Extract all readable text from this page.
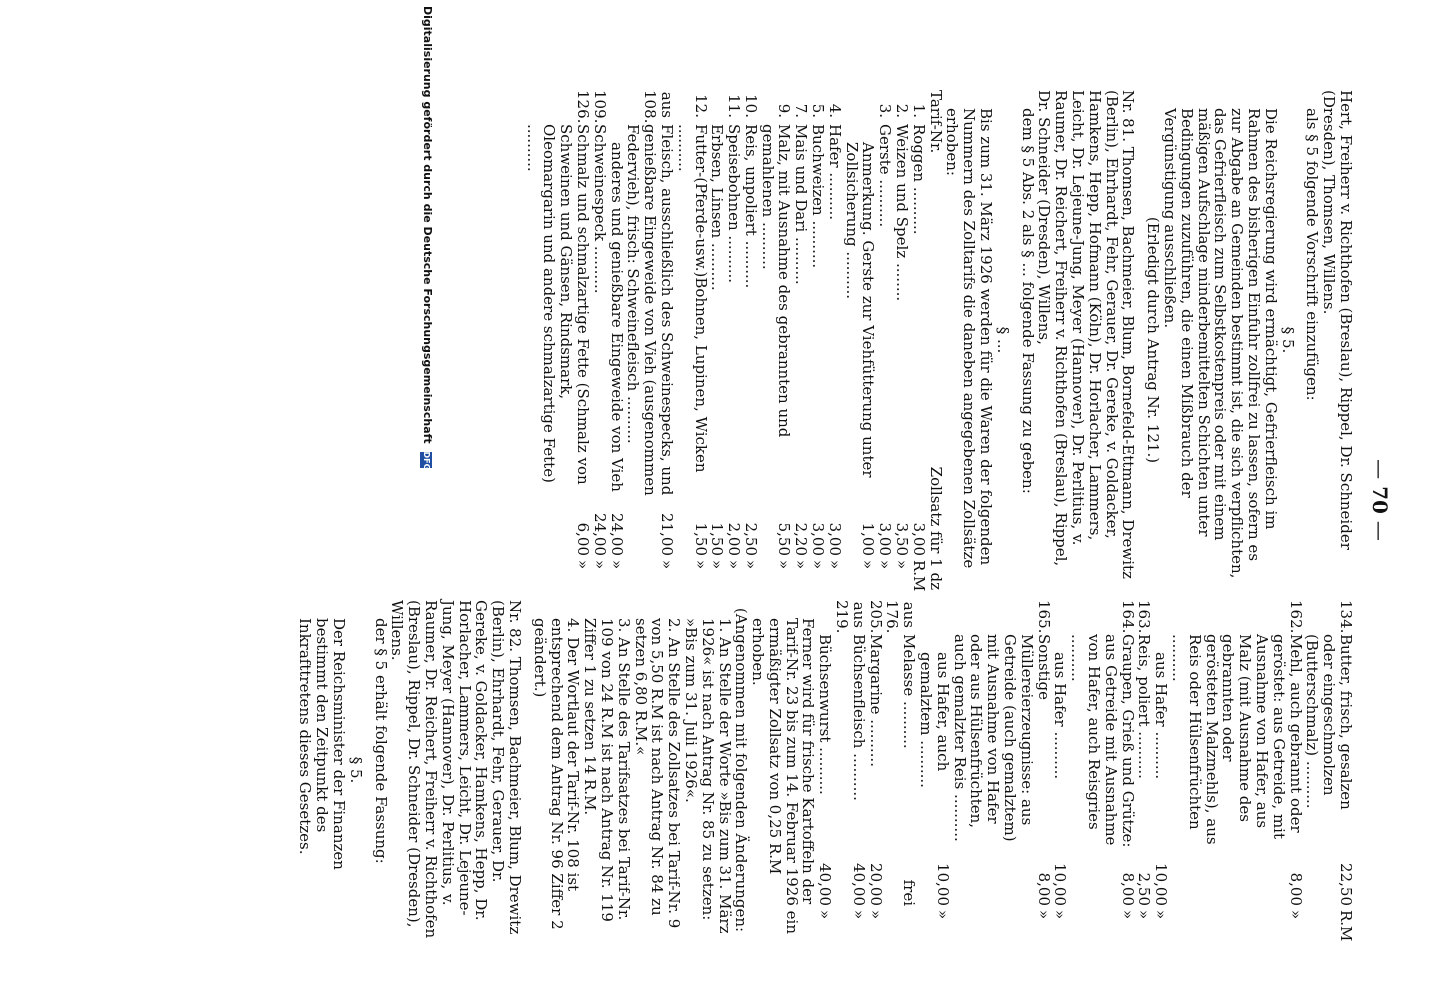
— 70 —

Hert, Freiherr v. Richthofen (Breslau), Rippel, Dr. Schneider (Dresden), Thomsen, Willens.

als § 5 folgende Vorschrift einzufügen:

§ 5.

Die Reichsregierung wird ermächtigt, Gefrierfleisch im Rahmen des bisherigen Einfuhr zollfrei zu lassen, sofern es zur Abgabe an Gemeinden bestimmt ist, die sich verpflichten, das Gefrierfleisch zum Selbstkostenpreis oder mit einem mäßigen Aufschlage minderbemittelten Schichten unter Bedingungen zuzuführen, die einen Mißbrauch der Vergünstigung ausschließen.

(Erledigt durch Antrag Nr. 121.)

Nr. 81. Thomsen, Bachmeier, Blum, Bornefeld-Ettmann, Drewitz (Berlin), Ehrhardt, Fehr, Gerauer, Dr. Gereke, v. Goldacker, Hamkens, Hepp, Hofmann (Köln), Dr. Horlacher, Lammers, Leicht, Dr. Lejeune-Jung, Meyer (Hannover), Dr. Perlitius, v. Raumer, Dr. Reichert, Freiherr v. Richthofen (Breslau), Rippel, Dr. Schneider (Dresden), Willens,

dem § 5 Abs. 2 als § ... folgende Fassung zu geben:

§ ...

Bis zum 31. März 1926 werden für die Waren der folgenden Nummern des Zolltarifs die daneben angegebenen Zollsätze erhoben:

Tarif-Nr.
Zollsatz für 1 dz
1.
Roggen ..........
3,00
R.M
2.
Weizen und Spelz ........
3,50
»
3.
Gerste ..........
3,00
»
Anmerkung. Gerste zur Viehfütterung unter Zollsicherung ..........
1,00
»
4.
Hafer ..........
3,00
»
5.
Buchweizen ..........
3,00
»
7.
Mais und Dari ..........
2,20
»
9.
Malz, mit Ausnahme des gebrannten und gemahlenen ..........
5,50
»
10.
Reis, unpoliert ..........
2,50
»
11.
Speisebohnen ..........
2,00
»
Erbsen, Linsen ..........
1,50
»
12.
Futter-(Pferde-usw.)Bohnen, Lupinen, Wicken ..........
1,50
»
aus 108.
Fleisch, ausschließlich des Schweinespecks, und genießbare Eingeweide von Vieh (ausgenommen Federvieh), frisch: Schweinefleisch ..........
21,00
»
anderes und genießbare Eingeweide von Vieh
24,00
»
109.
Schweinespeck ..........
24,00
»
126.
Schmalz und schmalzartige Fette (Schmalz von Schweinen und Gänsen, Rindsmark, Oleomargarin und andere schmalzartige Fette) ..........
6,00
»
134.
Butter, frisch, gesalzen oder eingeschmolzen (Butterschmalz) ..........
22,50
R.M
162.
Mehl, auch gebrannt oder geröstet: aus Getreide, mit Ausnahme von Hafer, aus Malz (mit Ausnahme des gebrannten oder gerösteten Malzmehls), aus Reis oder Hülsenfrüchten ..........
8,00
»
aus Hafer ..........
10,00
»
163.
Reis, poliert ..........
2,50
»
164.
Graupen, Grieß und Grütze: aus Getreide mit Ausnahme von Hafer, auch Reisgries ..........
8,00
»
aus Hafer ..........
10,00
»
165.
Sonstige Müllereierzeugnisse: aus Getreide (auch gemalztem) mit Ausnahme von Hafer oder aus Hülsenfrüchten, auch gemalzter Reis ..........
8,00
»
aus Hafer, auch gemalztem ..........
10,00
»
aus 176.
Melasse ..........
frei
205.
Margarine ..........
20,00
»
aus 219.
Büchsenfleisch ..........
40,00
»
Büchsenwurst ..........
40,00
»

Ferner wird für frische Kartoffeln der Tarif-Nr. 23 bis zum 14. Februar 1926 ein ermäßigter Zollsatz von 0,25 R.M erhoben.

(Angenommen mit folgenden Änderungen:

1. An Stelle der Worte »Bis zum 31. März 1926« ist nach Antrag Nr. 85 zu setzen: »Bis zum 31. Juli 1926«.

2. An Stelle des Zollsatzes bei Tarif-Nr. 9 von 5,50 R.M ist nach Antrag Nr. 84 zu setzen 6,80 R.M.«

3. An Stelle des Tarifsatzes bei Tarif-Nr. 109 von 24 R.M ist nach Antrag Nr. 119 Ziffer 1 zu setzen 14 R.M.

4. Der Wortlaut der Tarif-Nr. 108 ist entsprechend dem Antrag Nr. 96 Ziffer 2 geändert.)

Nr. 82. Thomsen, Bachmeier, Blum, Drewitz (Berlin), Ehrhardt, Fehr, Gerauer, Dr. Gereke, v. Goldacker, Hamkens, Hepp, Dr. Horlacher, Lammers, Leicht, Dr. Lejeune-Jung, Meyer (Hannover), Dr. Perlitius, v. Raumer, Dr. Reichert, Freiherr v. Richthofen (Breslau), Rippel, Dr. Schneider (Dresden), Willens.

der § 5 erhält folgende Fassung:

§ 5.

Der Reichsminister der Finanzen bestimmt den Zeitpunkt des Inkrafttretens dieses Gesetzes.

Digitalisierung gefördert durch die Deutsche Forschungsgemeinschaft DFG
